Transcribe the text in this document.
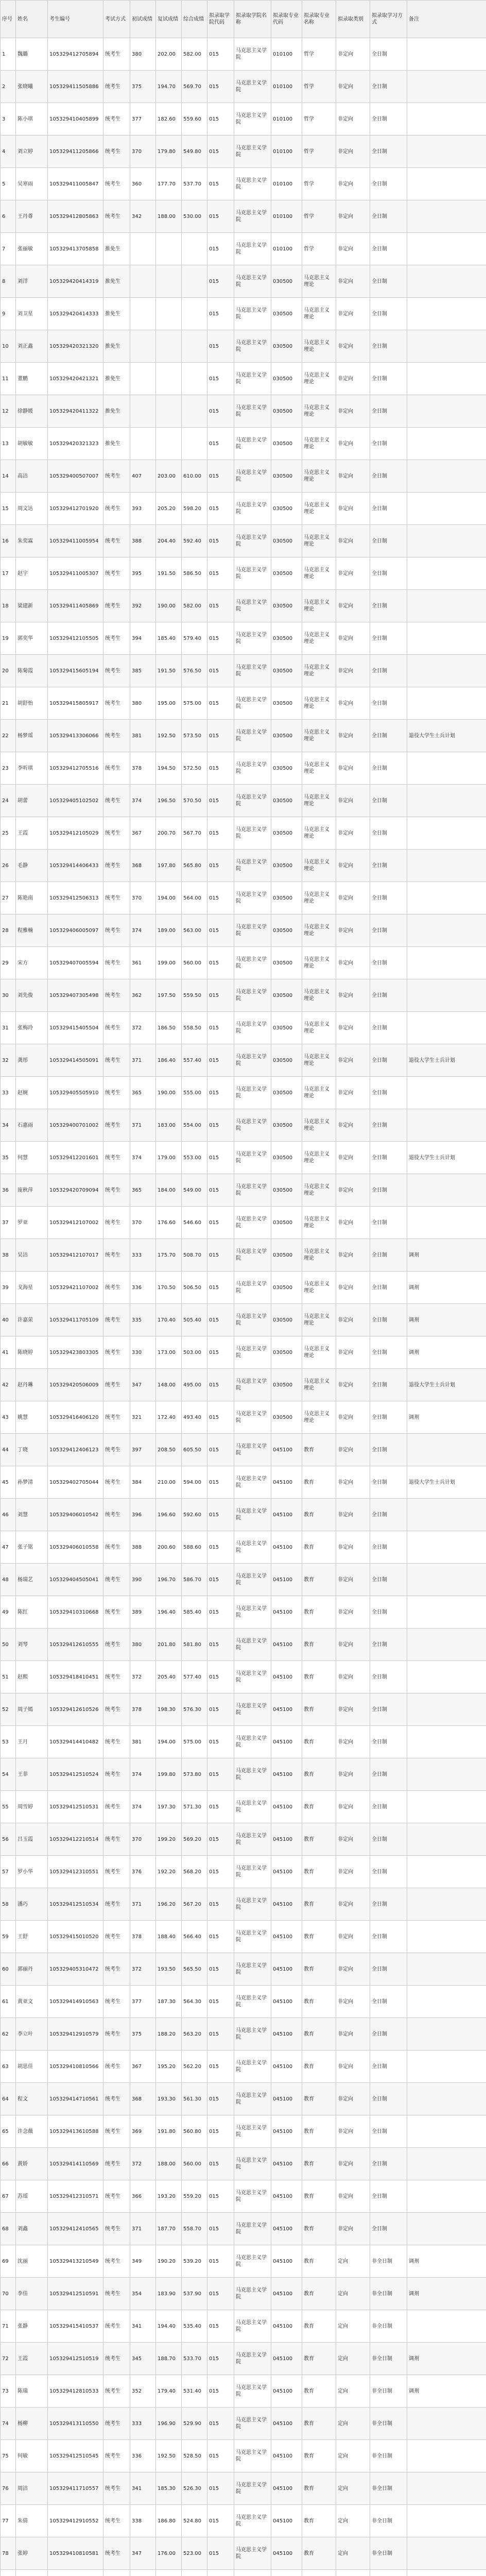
序号	姓名	考生编号	考试方式	初试成绩	复试成绩	综合成绩	拟录取学院代码	拟录取学院名称	拟录取专业代码	拟录取专业名称	拟录取类别	拟录取学习方式	备注
1	魏璐	105329412705894	统考生	380	202.00	582.00	015	马克思主义学院	010100	哲学	非定向	全日制	
2	张晓曦	105329411505886	统考生	375	194.70	569.70	015	马克思主义学院	010100	哲学	非定向	全日制	
3	陈小琪	105329410405899	统考生	377	182.60	559.60	015	马克思主义学院	010100	哲学	非定向	全日制	
4	刘立婷	105329411205866	统考生	370	179.80	549.80	015	马克思主义学院	010100	哲学	非定向	全日制	
5	吴寒雨	105329411005847	统考生	360	177.70	537.70	015	马克思主义学院	010100	哲学	非定向	全日制	
6	王丹尊	105329412805863	统考生	342	188.00	530.00	015	马克思主义学院	010100	哲学	非定向	全日制	
7	张丽敏	105329413705858	推免生				015	马克思主义学院	010100	哲学	非定向	全日制	
8	刘洋	105329420414319	推免生				015	马克思主义学院	030500	马克思主义理论	非定向	全日制	
9	刘卫星	105329420414333	推免生				015	马克思主义学院	030500	马克思主义理论	非定向	全日制	
10	刘正鑫	105329420321320	推免生				015	马克思主义学院	030500	马克思主义理论	非定向	全日制	
11	董鹏	105329420421321	推免生				015	马克思主义学院	030500	马克思主义理论	非定向	全日制	
12	徐静媛	105329420411322	推免生				015	马克思主义学院	030500	马克思主义理论	非定向	全日制	
13	胡敏敏	105329420321323	推免生				015	马克思主义学院	030500	马克思主义理论	非定向	全日制	
14	高洁	105329400507007	统考生	407	203.00	610.00	015	马克思主义学院	030500	马克思主义理论	非定向	全日制	
15	周文达	105329412701920	统考生	393	205.20	598.20	015	马克思主义学院	030500	马克思主义理论	非定向	全日制	
16	朱奕霖	105329411005954	统考生	388	204.40	592.40	015	马克思主义学院	030500	马克思主义理论	非定向	全日制	
17	赵宇	105329411005307	统考生	395	191.50	586.50	015	马克思主义学院	030500	马克思主义理论	非定向	全日制	
18	梁建新	105329411405869	统考生	392	190.00	582.00	015	马克思主义学院	030500	马克思主义理论	非定向	全日制	
19	郭奕华	105329412105505	统考生	394	185.40	579.40	015	马克思主义学院	030500	马克思主义理论	非定向	全日制	
20	陈菊霞	105329415605194	统考生	385	191.50	576.50	015	马克思主义学院	030500	马克思主义理论	非定向	全日制	
21	胡舒怡	105329415805917	统考生	380	195.00	575.00	015	马克思主义学院	030500	马克思主义理论	非定向	全日制	
22	杨梦瑶	105329413306066	统考生	381	192.50	573.50	015	马克思主义学院	030500	马克思主义理论	非定向	全日制	退役大学生士兵计划
23	李听琪	105329412705516	统考生	378	194.50	572.50	015	马克思主义学院	030500	马克思主义理论	非定向	全日制	
24	胡蕾	105329405102502	统考生	374	196.50	570.50	015	马克思主义学院	030500	马克思主义理论	非定向	全日制	
25	王霞	105329412105029	统考生	367	200.70	567.70	015	马克思主义学院	030500	马克思主义理论	非定向	全日制	
26	毛静	105329414406433	统考生	368	197.80	565.80	015	马克思主义学院	030500	马克思主义理论	非定向	全日制	
27	陈艳南	105329412506313	统考生	370	194.00	564.00	015	马克思主义学院	030500	马克思主义理论	非定向	全日制	
28	程雅楠	105329406005097	统考生	374	189.00	563.00	015	马克思主义学院	030500	马克思主义理论	非定向	全日制	
29	宋方	105329407005594	统考生	361	199.00	560.00	015	马克思主义学院	030500	马克思主义理论	非定向	全日制	
30	刘先俊	105329407305498	统考生	362	197.50	559.50	015	马克思主义学院	030500	马克思主义理论	非定向	全日制	
31	张梅玲	105329415405504	统考生	372	186.50	558.50	015	马克思主义学院	030500	马克思主义理论	非定向	全日制	
32	龚彤	105329414505091	统考生	371	186.40	557.40	015	马克思主义学院	030500	马克思主义理论	非定向	全日制	退役大学生士兵计划
33	赵婉	105329405505910	统考生	365	190.00	555.00	015	马克思主义学院	030500	马克思主义理论	非定向	全日制	
34	石惠雨	105329400701002	统考生	371	183.00	554.00	015	马克思主义学院	030500	马克思主义理论	非定向	全日制	
35	何慧	105329412201601	统考生	374	179.00	553.00	015	马克思主义学院	030500	马克思主义理论	非定向	全日制	退役大学生士兵计划
36	庞秋萍	105329420709094	统考生	365	184.00	549.00	015	马克思主义学院	030500	马克思主义理论	非定向	全日制	
37	罗亚	105329412107002	统考生	370	176.60	546.60	015	马克思主义学院	030500	马克思主义理论	非定向	全日制	
38	吴洁	105329412107017	统考生	333	175.70	508.70	015	马克思主义学院	030500	马克思主义理论	非定向	全日制	调剂
39	戈海星	105329421107002	统考生	336	170.50	506.50	015	马克思主义学院	030500	马克思主义理论	非定向	全日制	调剂
40	许嘉荣	105329411705109	统考生	335	170.40	505.40	015	马克思主义学院	030500	马克思主义理论	非定向	全日制	调剂
41	陈晓婷	105329423803305	统考生	330	173.00	503.00	015	马克思主义学院	030500	马克思主义理论	非定向	全日制	调剂
42	赵丹琳	105329420506009	统考生	347	148.00	495.00	015	马克思主义学院	030500	马克思主义理论	非定向	全日制	退役大学生士兵计划
43	姚慧	105329416406120	统考生	321	172.40	493.40	015	马克思主义学院	030500	马克思主义理论	非定向	全日制	调剂
44	丁晓	105329412406123	统考生	397	208.50	605.50	015	马克思主义学院	045100	教育	非定向	全日制	
45	孙梦清	105329402705044	统考生	384	210.00	594.00	015	马克思主义学院	045100	教育	非定向	全日制	退役大学生士兵计划
46	刘慧	105329406010542	统考生	396	196.60	592.60	015	马克思主义学院	045100	教育	非定向	全日制	
47	张子铭	105329406010558	统考生	388	200.60	588.60	015	马克思主义学院	045100	教育	非定向	全日制	
48	杨瑞艺	105329404505041	统考生	390	196.70	586.70	015	马克思主义学院	045100	教育	非定向	全日制	
49	陈红	105329410310668	统考生	389	196.40	585.40	015	马克思主义学院	045100	教育	非定向	全日制	
50	刘琴	105329412610555	统考生	380	201.80	581.80	015	马克思主义学院	045100	教育	非定向	全日制	
51	赵熙	105329418410451	统考生	372	205.40	577.40	015	马克思主义学院	045100	教育	非定向	全日制	
52	周子嫣	105329412610526	统考生	378	198.30	576.30	015	马克思主义学院	045100	教育	非定向	全日制	
53	王月	105329414410482	统考生	381	194.00	575.00	015	马克思主义学院	045100	教育	非定向	全日制	
54	王菲	105329412510524	统考生	374	199.80	573.80	015	马克思主义学院	045100	教育	非定向	全日制	
55	周雪婷	105329412510531	统考生	374	197.30	571.30	015	马克思主义学院	045100	教育	非定向	全日制	
56	吕玉霞	105329412210514	统考生	370	199.20	569.20	015	马克思主义学院	045100	教育	非定向	全日制	
57	罗小华	105329412310551	统考生	376	192.20	568.20	015	马克思主义学院	045100	教育	非定向	全日制	
58	潘巧	105329412510534	统考生	371	196.20	567.20	015	马克思主义学院	045100	教育	非定向	全日制	
59	王舒	105329415010520	统考生	378	188.40	566.40	015	马克思主义学院	045100	教育	非定向	全日制	
60	郭丽丹	105329405310472	统考生	372	193.50	565.50	015	马克思主义学院	045100	教育	非定向	全日制	
61	黄亚文	105329414910563	统考生	377	187.30	564.30	015	马克思主义学院	045100	教育	非定向	全日制	
62	李立叶	105329412910579	统考生	375	188.20	563.20	015	马克思主义学院	045100	教育	非定向	全日制	
63	胡思佳	105329410810566	统考生	367	195.20	562.20	015	马克思主义学院	045100	教育	非定向	全日制	
64	程文	105329414710561	统考生	368	193.30	561.30	015	马克思主义学院	045100	教育	非定向	全日制	
65	许念薇	105329413610588	统考生	369	191.80	560.80	015	马克思主义学院	045100	教育	非定向	全日制	
66	黄娇	105329414110569	统考生	372	188.00	560.00	015	马克思主义学院	045100	教育	非定向	全日制	
67	苏瑶	105329412310571	统考生	366	193.20	559.20	015	马克思主义学院	045100	教育	非定向	全日制	
68	刘鑫	105329412410565	统考生	371	187.70	558.70	015	马克思主义学院	045100	教育	非定向	全日制	
69	沈丽	105329413210549	统考生	349	190.20	539.20	015	马克思主义学院	045100	教育	定向	非全日制	调剂
70	李佳	105329412510591	统考生	354	183.90	537.90	015	马克思主义学院	045100	教育	定向	非全日制	调剂
71	张静	105329415410537	统考生	341	194.40	535.40	015	马克思主义学院	045100	教育	定向	非全日制	
72	王霞	105329412510519	统考生	345	188.70	533.70	015	马克思主义学院	045100	教育	定向	非全日制	调剂
73	陈瑞	105329412810533	统考生	352	179.40	531.40	015	马克思主义学院	045100	教育	定向	非全日制	调剂
74	杨柳	105329413110550	统考生	333	196.90	529.90	015	马克思主义学院	045100	教育	定向	非全日制	
75	何敏	105329412510545	统考生	336	192.50	528.50	015	马克思主义学院	045100	教育	定向	非全日制	
76	周洁	105329411710557	统考生	341	185.30	526.30	015	马克思主义学院	045100	教育	定向	非全日制	
77	朱倩	105329412910552	统考生	338	186.80	524.80	015	马克思主义学院	045100	教育	定向	非全日制	
78	张婷	105329410810581	统考生	347	176.00	523.00	015	马克思主义学院	045100	教育	定向	非全日制	
